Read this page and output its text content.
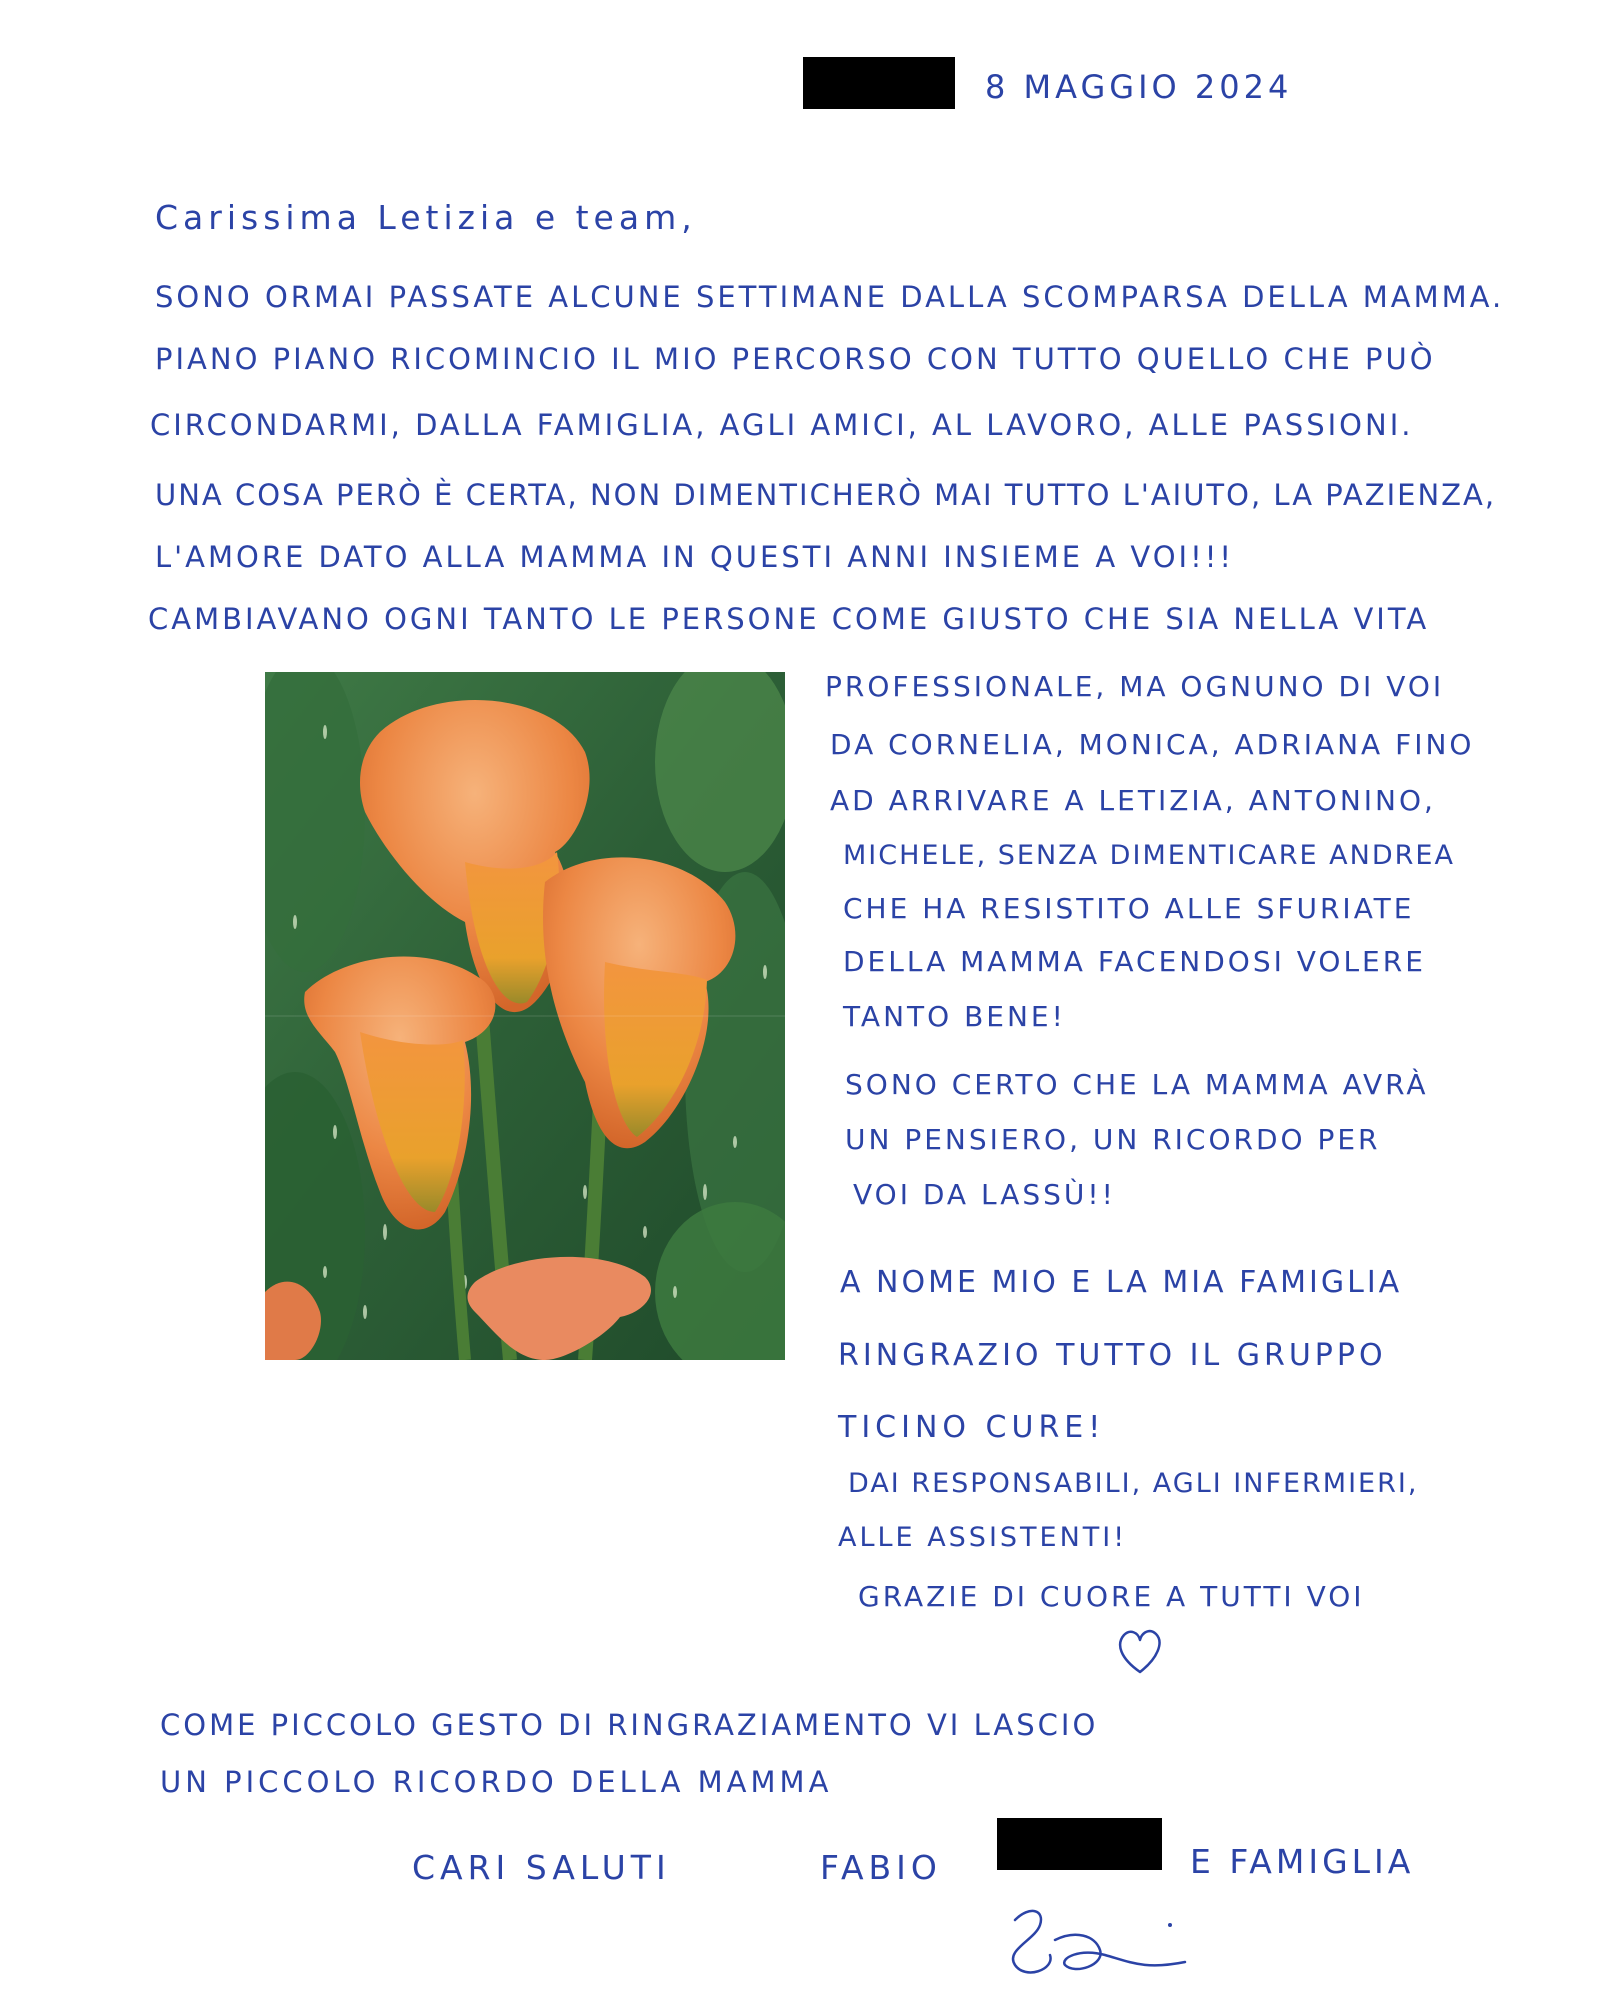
8 MAGGIO 2024
Carissima Letizia e team,
SONO ORMAI PASSATE ALCUNE SETTIMANE DALLA SCOMPARSA DELLA MAMMA.
PIANO PIANO RICOMINCIO IL MIO PERCORSO CON TUTTO QUELLO CHE PUÒ
CIRCONDARMI, DALLA FAMIGLIA, AGLI AMICI, AL LAVORO, ALLE PASSIONI.
UNA COSA PERÒ È CERTA, NON DIMENTICHERÒ MAI TUTTO L'AIUTO, LA PAZIENZA,
L'AMORE DATO ALLA MAMMA IN QUESTI ANNI INSIEME A VOI!!!
CAMBIAVANO OGNI TANTO LE PERSONE COME GIUSTO CHE SIA NELLA VITA
PROFESSIONALE, MA OGNUNO DI VOI
DA CORNELIA, MONICA, ADRIANA FINO
AD ARRIVARE A LETIZIA, ANTONINO,
MICHELE, SENZA DIMENTICARE ANDREA
CHE HA RESISTITO ALLE SFURIATE
DELLA MAMMA FACENDOSI VOLERE
TANTO BENE!
SONO CERTO CHE LA MAMMA AVRÀ
UN PENSIERO, UN RICORDO PER
VOI DA LASSÙ!!
A NOME MIO E LA MIA FAMIGLIA
RINGRAZIO TUTTO IL GRUPPO
TICINO CURE!
DAI RESPONSABILI, AGLI INFERMIERI,
ALLE ASSISTENTI!
GRAZIE DI CUORE A TUTTI VOI
COME PICCOLO GESTO DI RINGRAZIAMENTO VI LASCIO
UN PICCOLO RICORDO DELLA MAMMA
CARI SALUTI	FABIO	E FAMIGLIA
